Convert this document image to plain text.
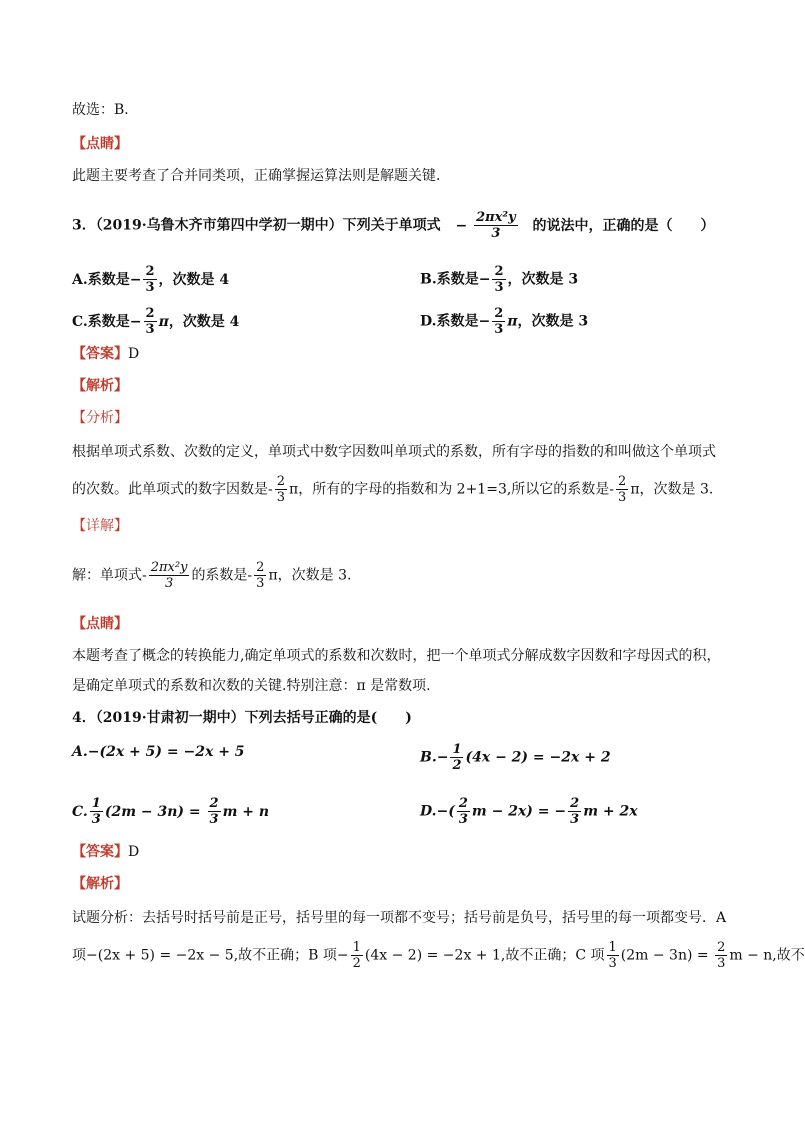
故选：B．
【点睛】
此题主要考查了合并同类项，正确掌握运算法则是解题关键．
3．（2019·乌鲁木齐市第四中学初一期中）下列关于单项式 − $\frac{\text{2πx²y}}{3}$ 的说法中，正确的是（　　）
A.系数是− $\frac{2}{3}$ ，次数是 4	B.系数是− $\frac{2}{3}$ ，次数是 3
C.系数是− $\frac{2}{3}$ π，次数是 4	D.系数是− $\frac{2}{3}$ π，次数是 3
【答案】D
【解析】
【分析】
根据单项式系数、次数的定义，单项式中数字因数叫单项式的系数，所有字母的指数的和叫做这个单项式
的次数。此单项式的数字因数是- $\frac{2}{3}$ π，所有的字母的指数和为 2+1=3,所以它的系数是- $\frac{2}{3}$ π，次数是 3.
【详解】
解：单项式- $\frac{\text{2πx²y}}{3}$ 的系数是- $\frac{2}{3}$ π，次数是 3.
【点睛】
本题考查了概念的转换能力,确定单项式的系数和次数时，把一个单项式分解成数字因数和字母因式的积，
是确定单项式的系数和次数的关键.特别注意：π 是常数项.
4．（2019·甘肃初一期中）下列去括号正确的是(　　)
A.−(2x + 5) = −2x + 5	$B.- \frac{1}{2} (4x - 2) = -2x + 2$
C. $\frac{1}{3} (2m - 3n) = \frac{2}{3}$ m + n	$D.-( \frac{2}{3}$ m − 2x) = − $\frac{2}{3}$ m + 2x
【答案】D
【解析】
试题分析：去括号时括号前是正号，括号里的每一项都不变号；括号前是负号，括号里的每一项都变号．A
项−(2x + 5) = −2x − 5,故不正确；B 项− $\frac{1}{2} (4x - 2) = -2x + 1$,故不正确；C 项 $\frac{1}{3} (2m - 3n) = \frac{2}{3}$ m − n,故不
